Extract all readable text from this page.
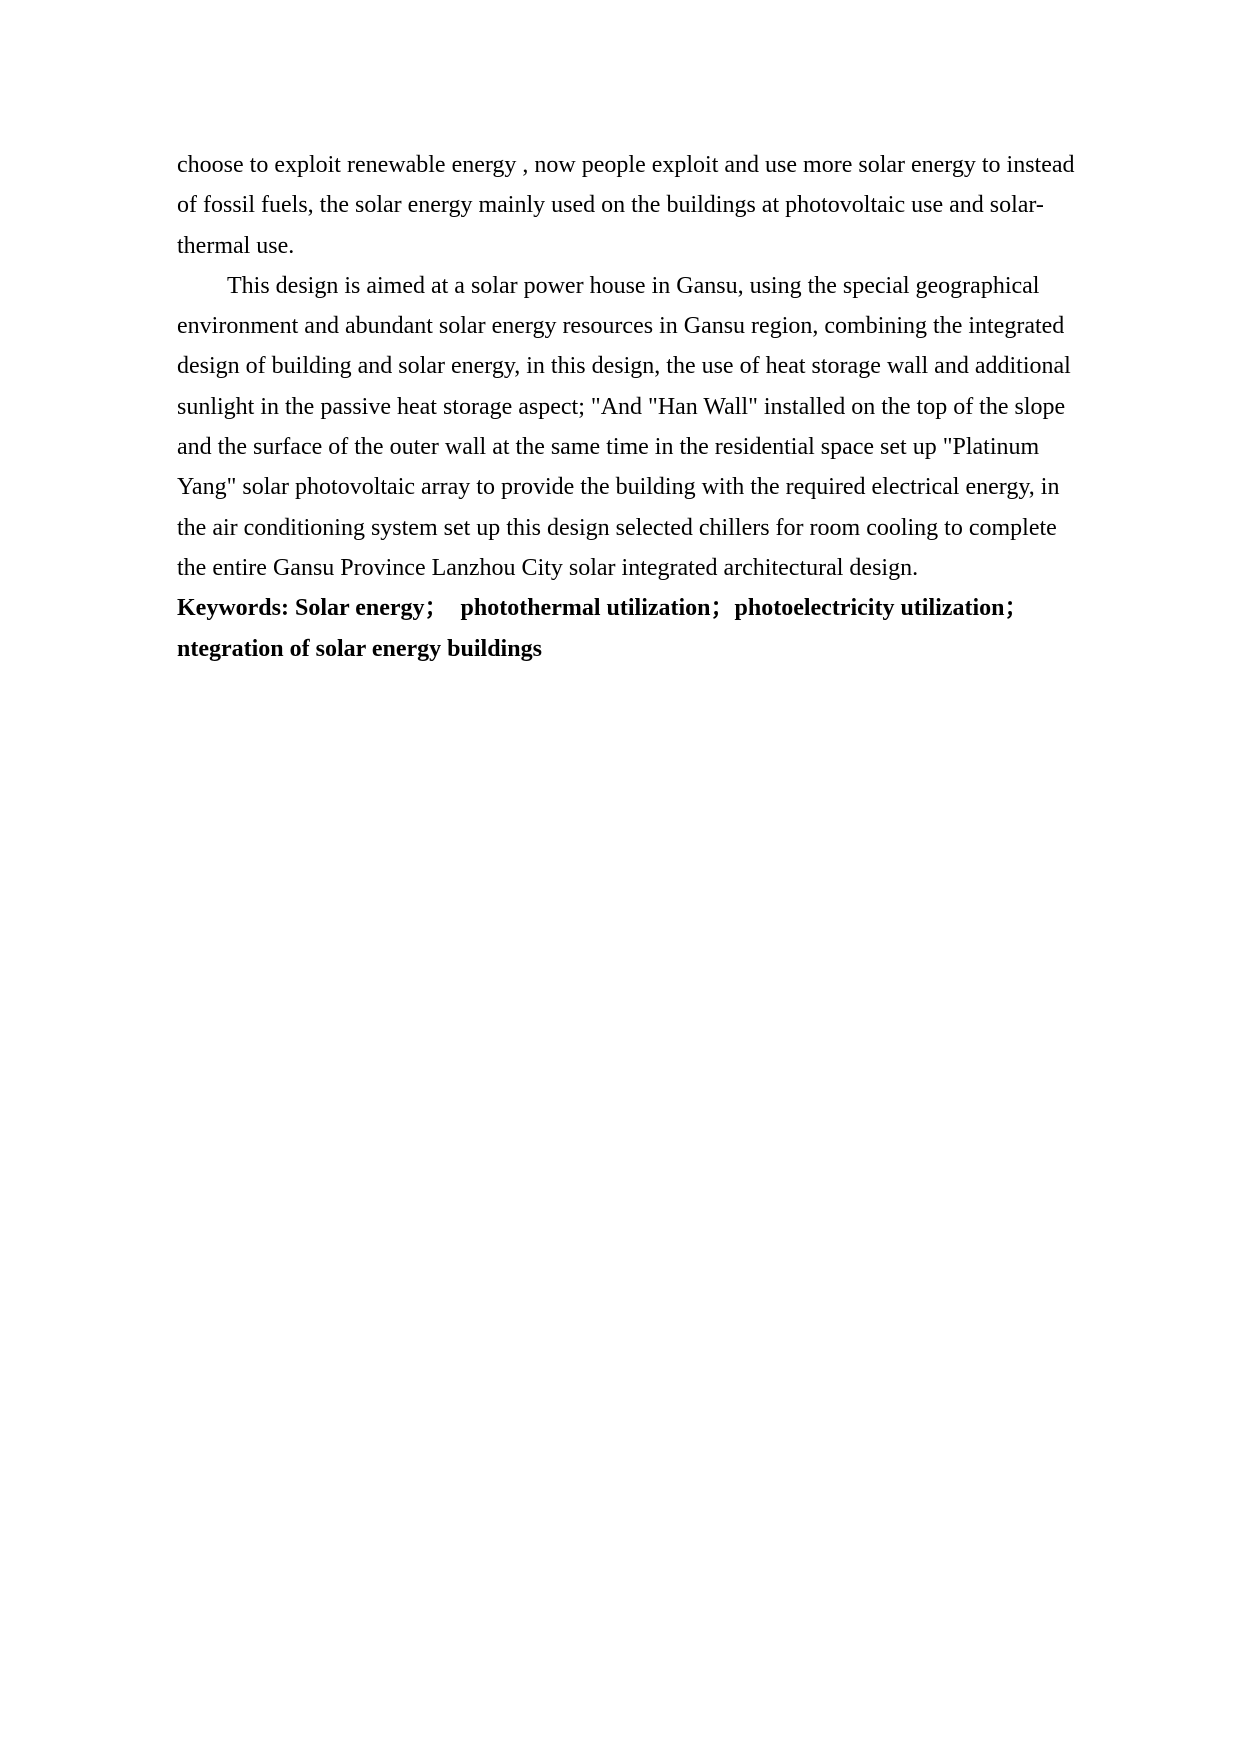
choose to exploit renewable energy , now people exploit and use more solar energy to instead
of fossil fuels, the solar energy mainly used on the buildings at photovoltaic use and solar-
thermal use.
This design is aimed at a solar power house in Gansu, using the special geographical
environment and abundant solar energy resources in Gansu region, combining the integrated
design of building and solar energy, in this design, the use of heat storage wall and additional
sunlight in the passive heat storage aspect; "And "Han Wall" installed on the top of the slope
and the surface of the outer wall at the same time in the residential space set up "Platinum
Yang" solar photovoltaic array to provide the building with the required electrical energy, in
the air conditioning system set up this design selected chillers for room cooling to complete
the entire Gansu Province Lanzhou City solar integrated architectural design.
Keywords: Solar energy；　photothermal utilization；photoelectricity utilization；
ntegration of solar energy buildings
